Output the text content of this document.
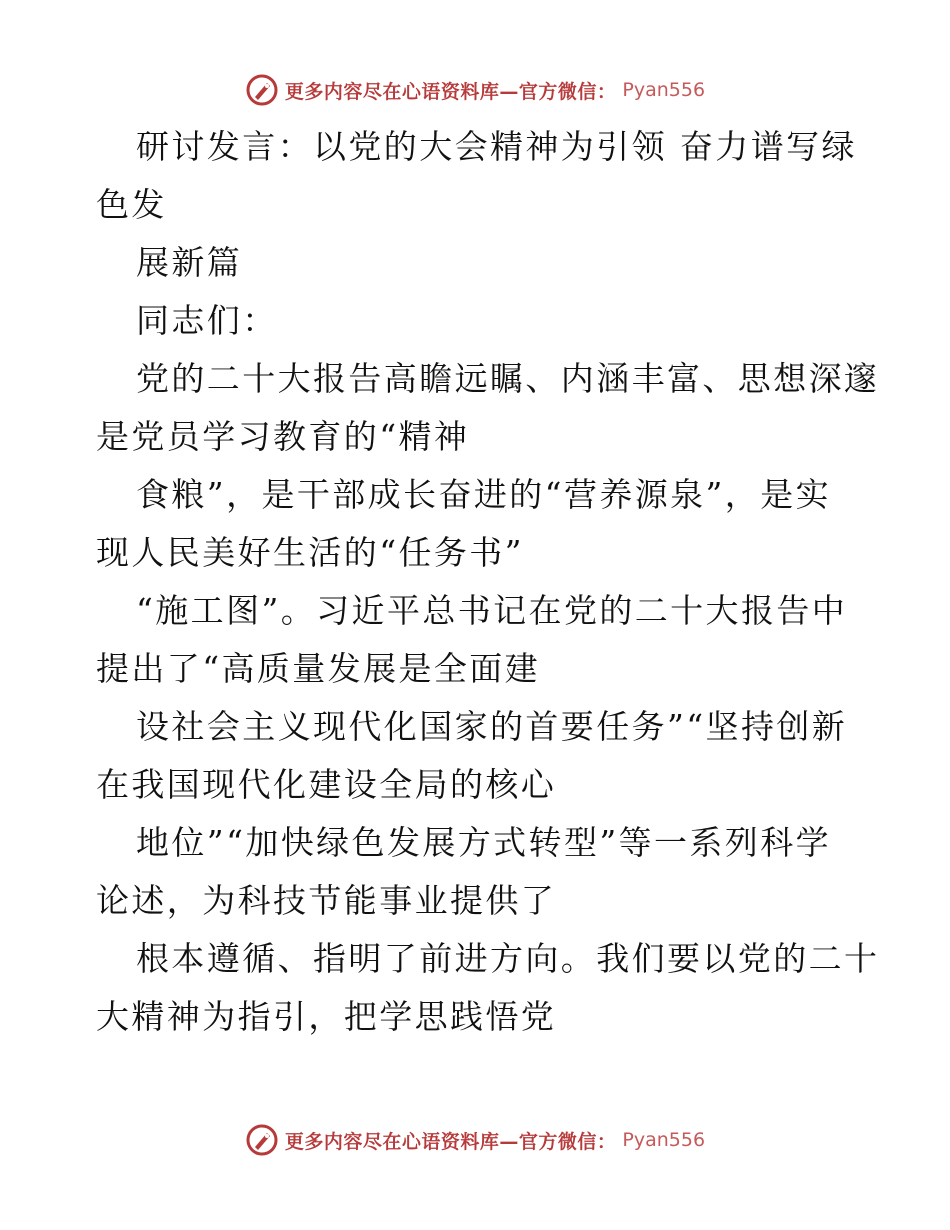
更多内容尽在心语资料库—官方微信： Pyan556
研讨发言：以党的大会精神为引领 奋力谱写绿
色发
展新篇
同志们：
党的二十大报告高瞻远瞩、内涵丰富、思想深邃
是党员学习教育的“精神
食粮”，是干部成长奋进的“营养源泉”，是实
现人民美好生活的“任务书”
“施工图”。习近平总书记在党的二十大报告中
提出了“高质量发展是全面建
设社会主义现代化国家的首要任务”“坚持创新
在我国现代化建设全局的核心
地位”“加快绿色发展方式转型”等一系列科学
论述，为科技节能事业提供了
根本遵循、指明了前进方向。我们要以党的二十
大精神为指引，把学思践悟党
更多内容尽在心语资料库—官方微信： Pyan556
